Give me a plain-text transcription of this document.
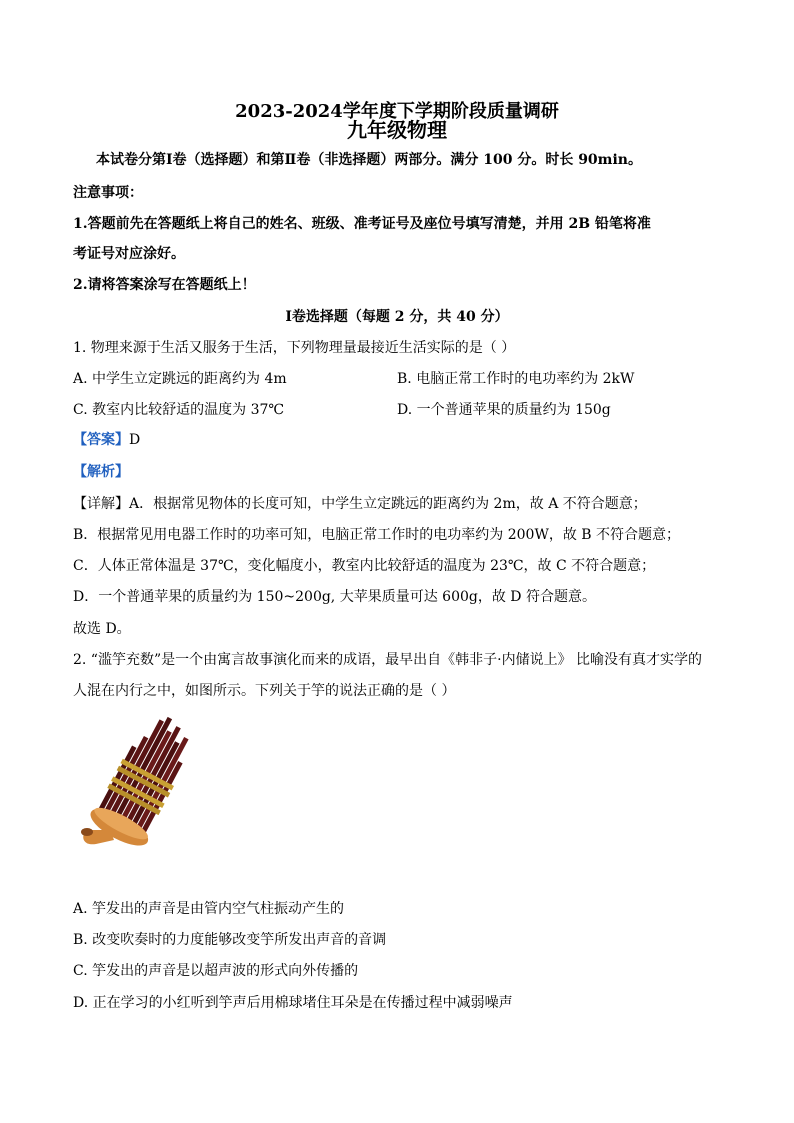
2023-2024学年度下学期阶段质量调研
九年级物理
本试卷分第Ⅰ卷（选择题）和第Ⅱ卷（非选择题）两部分。满分 100 分。时长 90min。
注意事项：
1.答题前先在答题纸上将自己的姓名、班级、准考证号及座位号填写清楚，并用 2B 铅笔将准
考证号对应涂好。
2.请将答案涂写在答题纸上！
Ⅰ卷选择题（每题 2 分，共 40 分）
1. 物理来源于生活又服务于生活，下列物理量最接近生活实际的是（ ）
A. 中学生立定跳远的距离约为 4m	B. 电脑正常工作时的电功率约为 2kW
C. 教室内比较舒适的温度为 37℃	D. 一个普通苹果的质量约为 150g
【答案】D
【解析】
【详解】A．根据常见物体的长度可知，中学生立定跳远的距离约为 2m，故 A 不符合题意；
B．根据常见用电器工作时的功率可知，电脑正常工作时的电功率约为 200W，故 B 不符合题意；
C．人体正常体温是 37℃，变化幅度小，教室内比较舒适的温度为 23℃，故 C 不符合题意；
D．一个普通苹果的质量约为 150~200g, 大苹果质量可达 600g，故 D 符合题意。
故选 D。
2. “滥竽充数”是一个由寓言故事演化而来的成语，最早出自《韩非子·内储说上》 比喻没有真才实学的
人混在内行之中，如图所示。下列关于竽的说法正确的是（ ）
A. 竽发出的声音是由管内空气柱振动产生的
B. 改变吹奏时的力度能够改变竽所发出声音的音调
C. 竽发出的声音是以超声波的形式向外传播的
D. 正在学习的小红听到竽声后用棉球堵住耳朵是在传播过程中减弱噪声
